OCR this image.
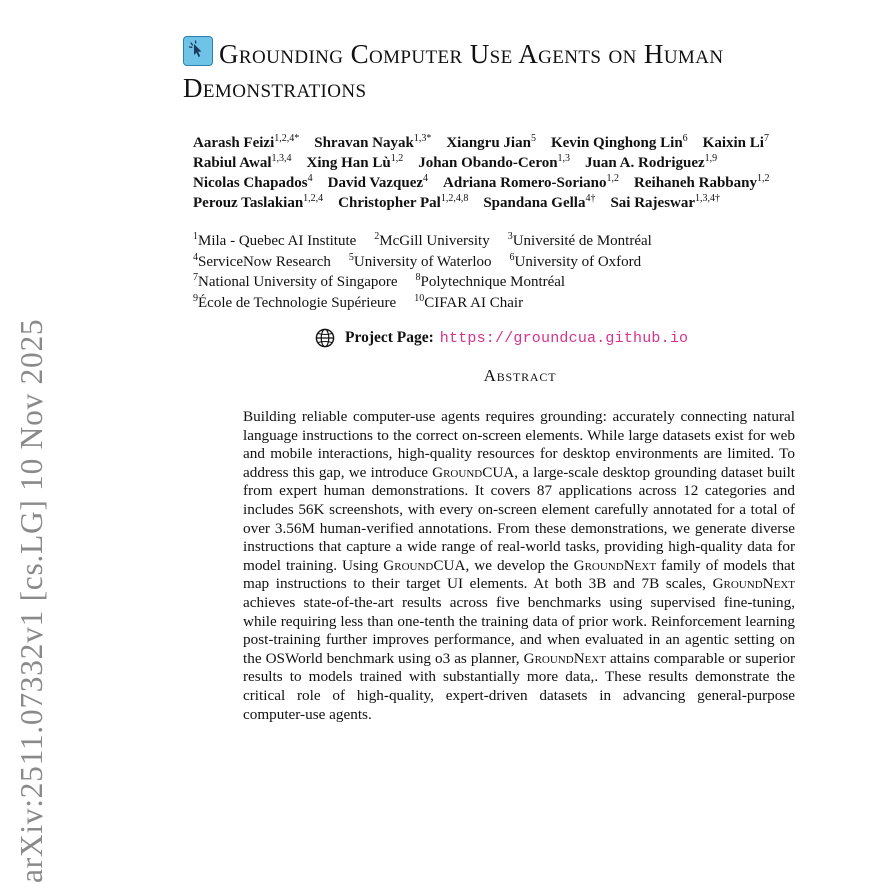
arXiv:2511.07332v1 [cs.LG] 10 Nov 2025
Grounding Computer Use Agents on Human
Demonstrations
Aarash Feizi$^{1,2,4*}$ Shravan Nayak$^{1,3*}$ Xiangru Jian$^5$ Kevin Qinghong Lin$^6$ Kaixin Li$^7$
Rabiul Awal$^{1,3,4}$ Xing Han Lù$^{1,2}$ Johan Obando-Ceron$^{1,3}$ Juan A. Rodriguez$^{1,9}$
Nicolas Chapados$^4$ David Vazquez$^4$ Adriana Romero-Soriano$^{1,2}$ Reihaneh Rabbany$^{1,2}$
Perouz Taslakian$^{1,2,4}$ Christopher Pal$^{1,2,4,8}$ Spandana Gella$^{4\dagger}$ Sai Rajeswar$^{1,3,4\dagger}$
$^1$Mila - Quebec AI Institute $^2$McGill University $^3$Université de Montréal
$^4$ServiceNow Research $^5$University of Waterloo $^6$University of Oxford
$^7$National University of Singapore $^8$Polytechnique Montréal
$^9$École de Technologie Supérieure $^{10}$CIFAR AI Chair
Project Page: https://groundcua.github.io
Abstract
Building reliable computer-use agents requires grounding: accurately connecting natural language instructions to the correct on-screen elements. While large datasets exist for web and mobile interactions, high-quality resources for desktop environments are limited. To address this gap, we introduce GroundCUA, a large-scale desktop grounding dataset built from expert human demonstrations. It covers 87 applications across 12 categories and includes 56K screenshots, with every on-screen element carefully annotated for a total of over 3.56M human-verified annotations. From these demonstrations, we generate diverse instructions that capture a wide range of real-world tasks, providing high-quality data for model training. Using GroundCUA, we develop the GroundNext family of models that map instructions to their target UI elements. At both 3B and 7B scales, GroundNext achieves state-of-the-art results across five benchmarks using supervised fine-tuning, while requiring less than one-tenth the training data of prior work. Reinforcement learning post-training further improves performance, and when evaluated in an agentic setting on the OSWorld benchmark using o3 as planner, GroundNext attains comparable or superior results to models trained with substantially more data,. These results demonstrate the critical role of high-quality, expert-driven datasets in advancing general-purpose computer-use agents.
